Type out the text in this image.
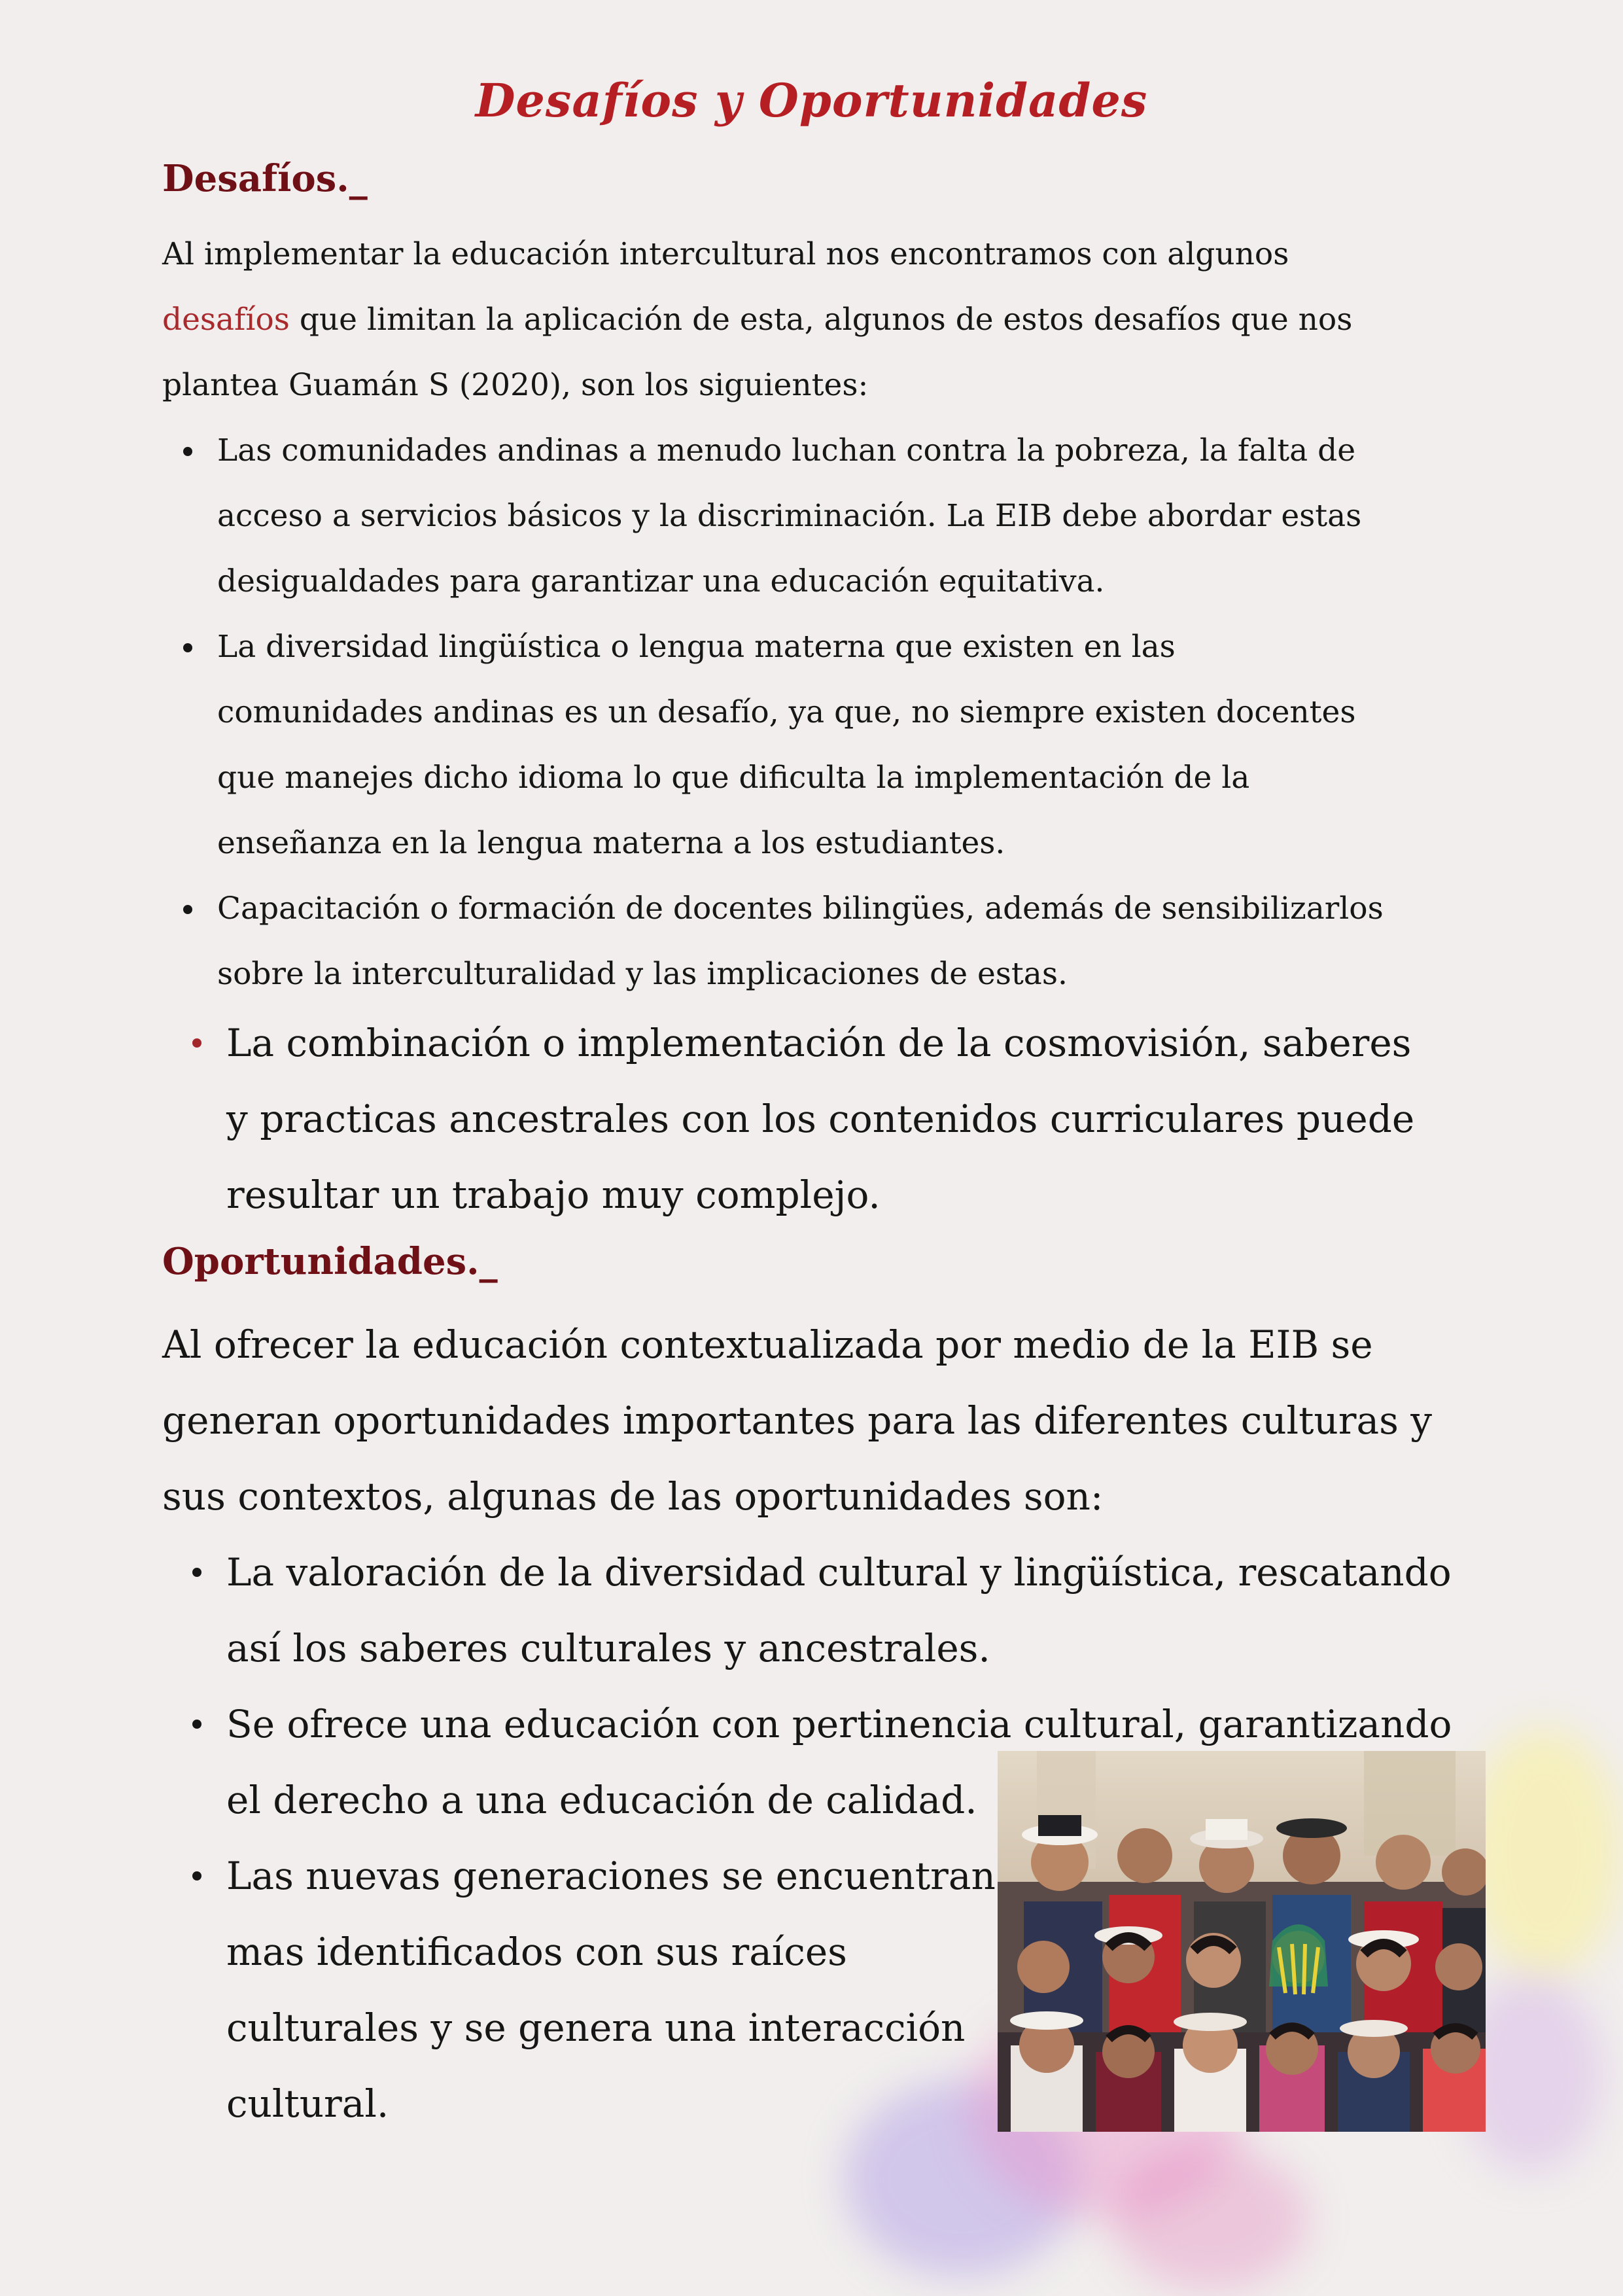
Desafíos y Oportunidades
Desafíos._
Al implementar la educación intercultural nos encontramos con algunos
desafíos que limitan la aplicación de esta, algunos de estos desafíos que nos
plantea Guamán S (2020), son los siguientes:
Las comunidades andinas a menudo luchan contra la pobreza, la falta de
acceso a servicios básicos y la discriminación. La EIB debe abordar estas
desigualdades para garantizar una educación equitativa.
La diversidad lingüística o lengua materna que existen en las
comunidades andinas es un desafío, ya que, no siempre existen docentes
que manejes dicho idioma lo que dificulta la implementación de la
enseñanza en la lengua materna a los estudiantes.
Capacitación o formación de docentes bilingües, además de sensibilizarlos
sobre la interculturalidad y las implicaciones de estas.
La combinación o implementación de la cosmovisión, saberes
y practicas ancestrales con los contenidos curriculares puede
resultar un trabajo muy complejo.
Oportunidades._
Al ofrecer la educación contextualizada por medio de la EIB se
generan oportunidades importantes para las diferentes culturas y
sus contextos, algunas de las oportunidades son:
La valoración de la diversidad cultural y lingüística, rescatando
así los saberes culturales y ancestrales.
Se ofrece una educación con pertinencia cultural, garantizando
el derecho a una educación de calidad.
Las nuevas generaciones se encuentran
mas identificados con sus raíces
culturales y se genera una interacción
cultural.
